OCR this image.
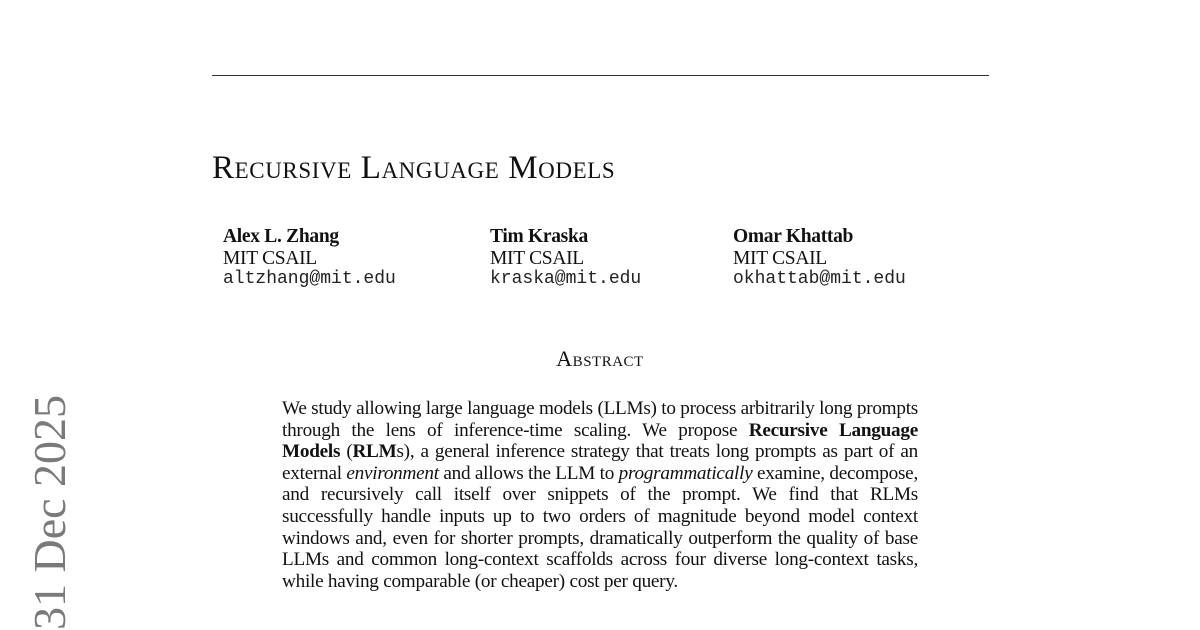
Recursive Language Models
Alex L. Zhang
MIT CSAIL
altzhang@mit.edu
Tim Kraska
MIT CSAIL
kraska@mit.edu
Omar Khattab
MIT CSAIL
okhattab@mit.edu
Abstract

We study allowing large language models (LLMs) to process arbitrarily long prompts through the lens of inference-time scaling. We propose Recursive Language Models (RLMs), a general inference strategy that treats long prompts as part of an external environment and allows the LLM to programmatically examine, decompose, and recursively call itself over snippets of the prompt. We find that RLMs successfully handle inputs up to two orders of magnitude beyond model context windows and, even for shorter prompts, dramatically outperform the quality of base LLMs and common long-context scaffolds across four diverse long-context tasks, while having comparable (or cheaper) cost per query.

31 Dec 2025
